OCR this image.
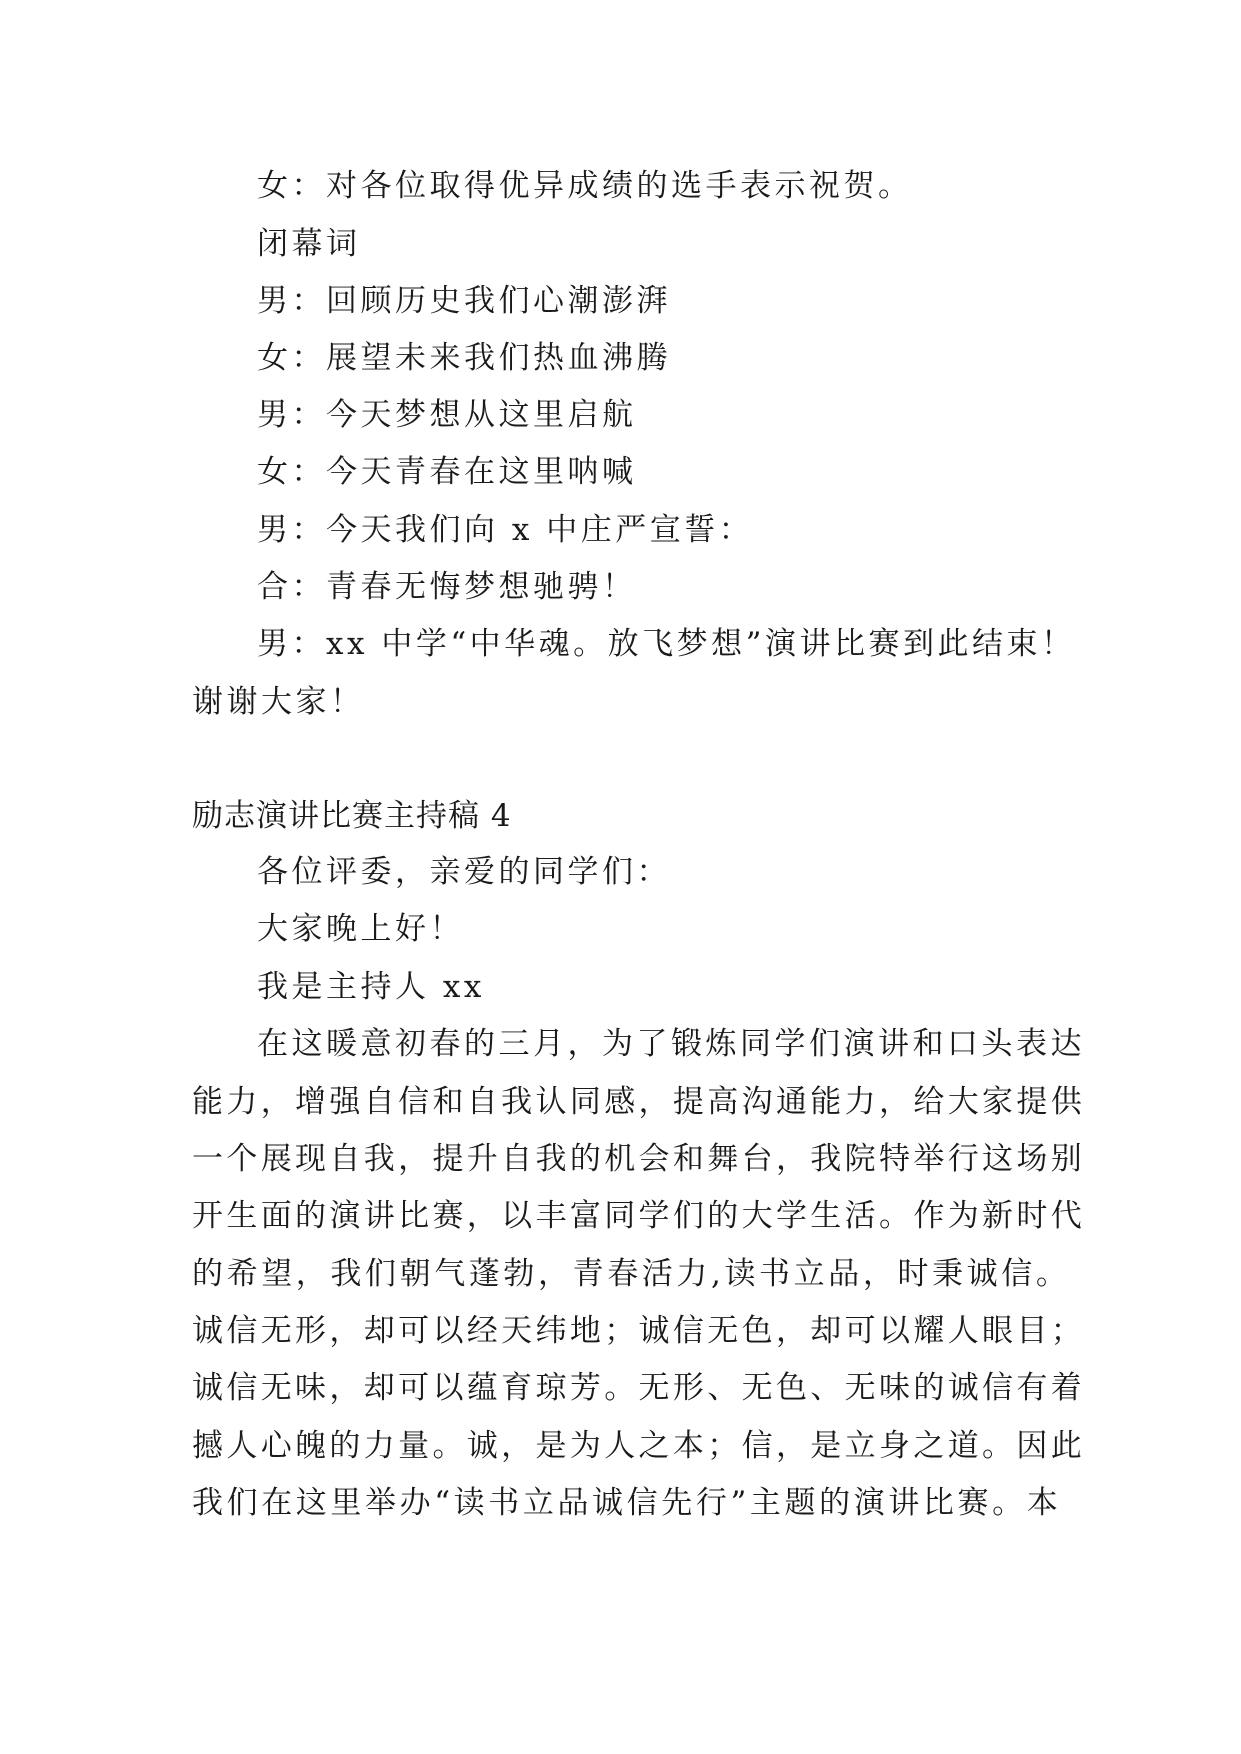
女：对各位取得优异成绩的选手表示祝贺。
闭幕词
男：回顾历史我们心潮澎湃
女：展望未来我们热血沸腾
男：今天梦想从这里启航
女：今天青春在这里呐喊
男：今天我们向 x 中庄严宣誓：
合：青春无悔梦想驰骋！
男：xx 中学“中华魂。放飞梦想”演讲比赛到此结束！
谢谢大家！
励志演讲比赛主持稿 4
各位评委，亲爱的同学们：
大家晚上好！
我是主持人 xx
在这暖意初春的三月，为了锻炼同学们演讲和口头表达
能力，增强自信和自我认同感，提高沟通能力，给大家提供
一个展现自我，提升自我的机会和舞台，我院特举行这场别
开生面的演讲比赛，以丰富同学们的大学生活。作为新时代
的希望，我们朝气蓬勃，青春活力,读书立品，时秉诚信。
诚信无形，却可以经天纬地；诚信无色，却可以耀人眼目；
诚信无味，却可以蕴育琼芳。无形、无色、无味的诚信有着
撼人心魄的力量。诚，是为人之本；信，是立身之道。因此
我们在这里举办“读书立品诚信先行”主题的演讲比赛。本
